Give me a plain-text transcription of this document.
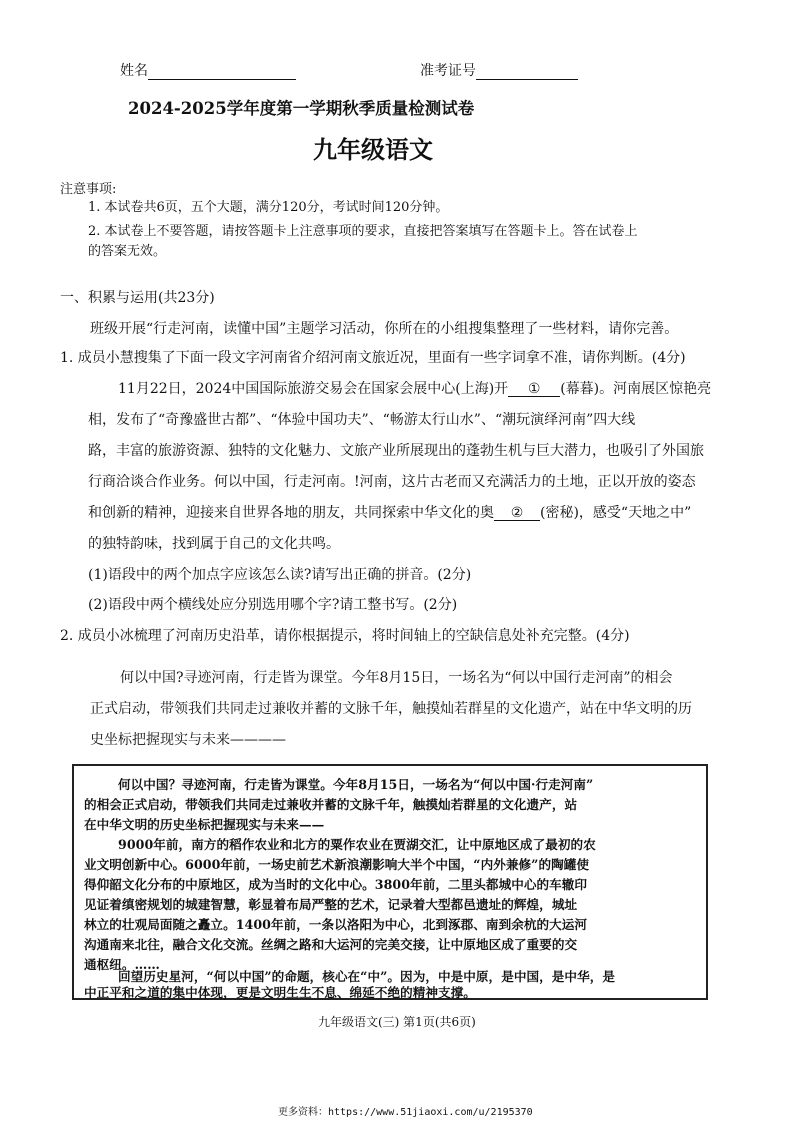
姓名	准考证号
2024-2025学年度第一学期秋季质量检测试卷
九年级语文
注意事项:
1. 本试卷共6页，五个大题，满分120分，考试时间120分钟。
2. 本试卷上不要答题，请按答题卡上注意事项的要求，直接把答案填写在答题卡上。答在试卷上
的答案无效。
一、积累与运用(共23分)
班级开展“行走河南，读懂中国”主题学习活动，你所在的小组搜集整理了一些材料，请你完善。
1. 成员小慧搜集了下面一段文字河南省介绍河南文旅近况，里面有一些字词拿不准，请你判断。(4分)
11月22日，2024中国国际旅游交易会在国家会展中心(上海)开 ① (幕暮)。河南展区惊艳亮
相，发布了“奇豫盛世古都”、“体验中国功夫”、“畅游太行山水”、“潮玩演绎河南”四大线
路，丰富的旅游资源、独特的文化魅力、文旅产业所展现出的蓬勃生机与巨大潜力，也吸引了外国旅
行商洽谈合作业务。何以中国，行走河南。!河南，这片古老而又充满活力的土地，正以开放的姿态
和创新的精神，迎接来自世界各地的朋友，共同探索中华文化的奥 ② (密秘)，感受“天地之中”
的独特韵味，找到属于自己的文化共鸣。
(1)语段中的两个加点字应该怎么读?请写出正确的拼音。(2分)
(2)语段中两个横线处应分别选用哪个字?请工整书写。(2分)
2. 成员小冰梳理了河南历史沿革，请你根据提示，将时间轴上的空缺信息处补充完整。(4分)
何以中国?寻迹河南，行走皆为课堂。今年8月15日，一场名为“何以中国行走河南”的相会
正式启动，带领我们共同走过兼收并蓄的文脉千年，触摸灿若群星的文化遗产，站在中华文明的历
史坐标把握现实与未来————
何以中国？寻迹河南，行走皆为课堂。今年8月15日，一场名为“何以中国·行走河南”
的相会正式启动，带领我们共同走过兼收并蓄的文脉千年，触摸灿若群星的文化遗产，站
在中华文明的历史坐标把握现实与未来——
9000年前，南方的稻作农业和北方的粟作农业在贾湖交汇，让中原地区成了最初的农
业文明创新中心。6000年前，一场史前艺术新浪潮影响大半个中国，“内外兼修”的陶罐使
得仰韶文化分布的中原地区，成为当时的文化中心。3800年前，二里头都城中心的车辙印
见证着缜密规划的城建智慧，彰显着布局严整的艺术，记录着大型都邑遗址的辉煌，城址
林立的壮观局面随之矗立。1400年前，一条以洛阳为中心，北到涿郡、南到余杭的大运河
沟通南来北往，融合文化交流。丝绸之路和大运河的完美交接，让中原地区成了重要的交
通枢纽。……
回望历史星河，“何以中国”的命题，核心在“中”。因为，中是中原，是中国，是中华，是
中正平和之道的集中体现，更是文明生生不息、绵延不绝的精神支撑。
九年级语文(三) 第1页(共6页)
更多资料：https://www.51jiaoxi.com/u/2195370
